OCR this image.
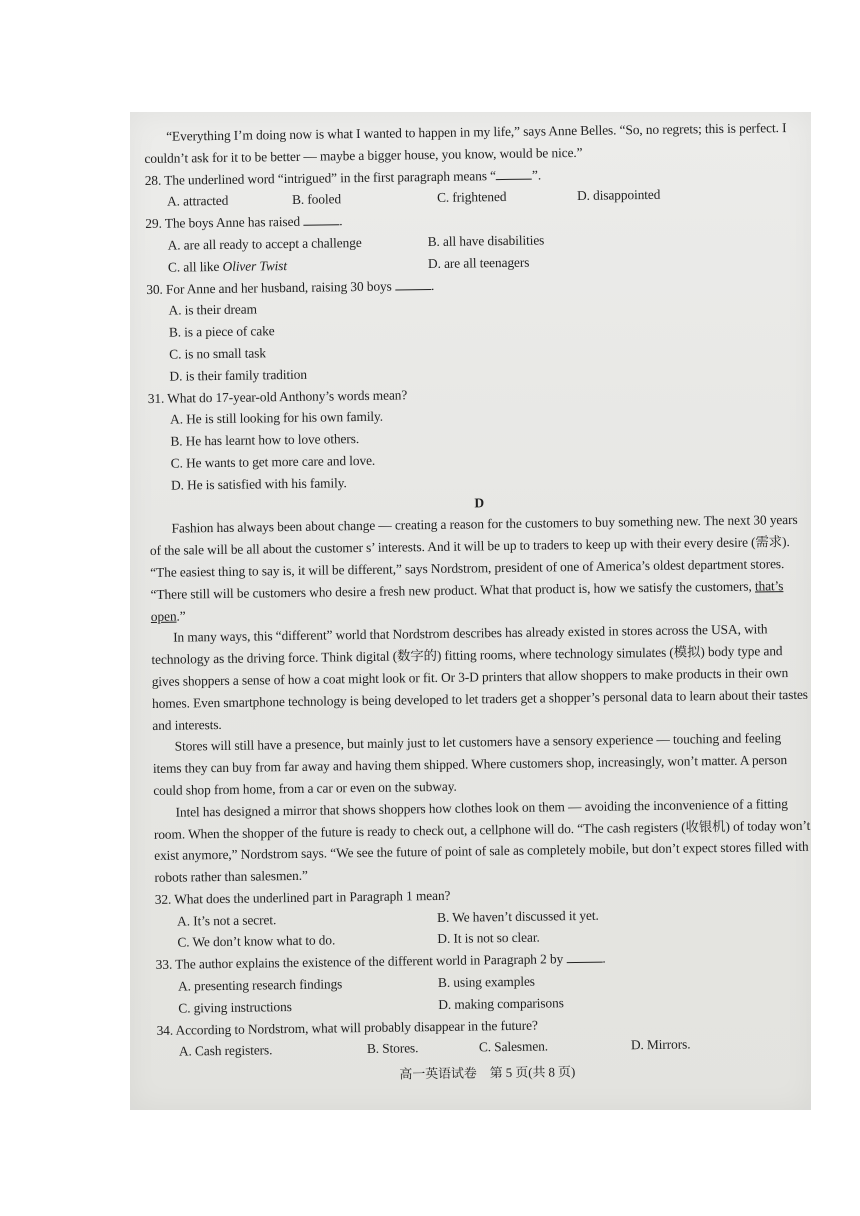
“Everything I’m doing now is what I wanted to happen in my life,” says Anne Belles. “So, no regrets; this is perfect. I couldn’t ask for it to be better — maybe a bigger house, you know, would be nice.”

28. The underlined word “intrigued” in the first paragraph means “	”.

A. attracted	B. fooled	C. frightened	D. disappointed

29. The boys Anne has raised	.

A. are all ready to accept a challenge	B. all have disabilities
C. all like Oliver Twist	D. are all teenagers

30. For Anne and her husband, raising 30 boys	.

A. is their dream

B. is a piece of cake

C. is no small task

D. is their family tradition

31. What do 17-year-old Anthony’s words mean?

A. He is still looking for his own family.

B. He has learnt how to love others.

C. He wants to get more care and love.

D. He is satisfied with his family.

D

Fashion has always been about change — creating a reason for the customers to buy something new. The next 30 years of the sale will be all about the customer s’ interests. And it will be up to traders to keep up with their every desire (需求). “The easiest thing to say is, it will be different,” says Nordstrom, president of one of America’s oldest department stores. “There still will be customers who desire a fresh new product. What that product is, how we satisfy the customers, that’s open.”

In many ways, this “different” world that Nordstrom describes has already existed in stores across the USA, with technology as the driving force. Think digital (数字的) fitting rooms, where technology simulates (模拟) body type and gives shoppers a sense of how a coat might look or fit. Or 3-D printers that allow shoppers to make products in their own homes. Even smartphone technology is being developed to let traders get a shopper’s personal data to learn about their tastes and interests.

Stores will still have a presence, but mainly just to let customers have a sensory experience — touching and feeling items they can buy from far away and having them shipped. Where customers shop, increasingly, won’t matter. A person could shop from home, from a car or even on the subway.

Intel has designed a mirror that shows shoppers how clothes look on them — avoiding the inconvenience of a fitting room. When the shopper of the future is ready to check out, a cellphone will do. “The cash registers (收银机) of today won’t exist anymore,” Nordstrom says. “We see the future of point of sale as completely mobile, but don’t expect stores filled with robots rather than salesmen.”

32. What does the underlined part in Paragraph 1 mean?

A. It’s not a secret.	B. We haven’t discussed it yet.
C. We don’t know what to do.	D. It is not so clear.

33. The author explains the existence of the different world in Paragraph 2 by	.

A. presenting research findings	B. using examples
C. giving instructions	D. making comparisons

34. According to Nordstrom, what will probably disappear in the future?

A. Cash registers.	B. Stores.	C. Salesmen.	D. Mirrors.

高一英语试卷　第 5 页(共 8 页)
